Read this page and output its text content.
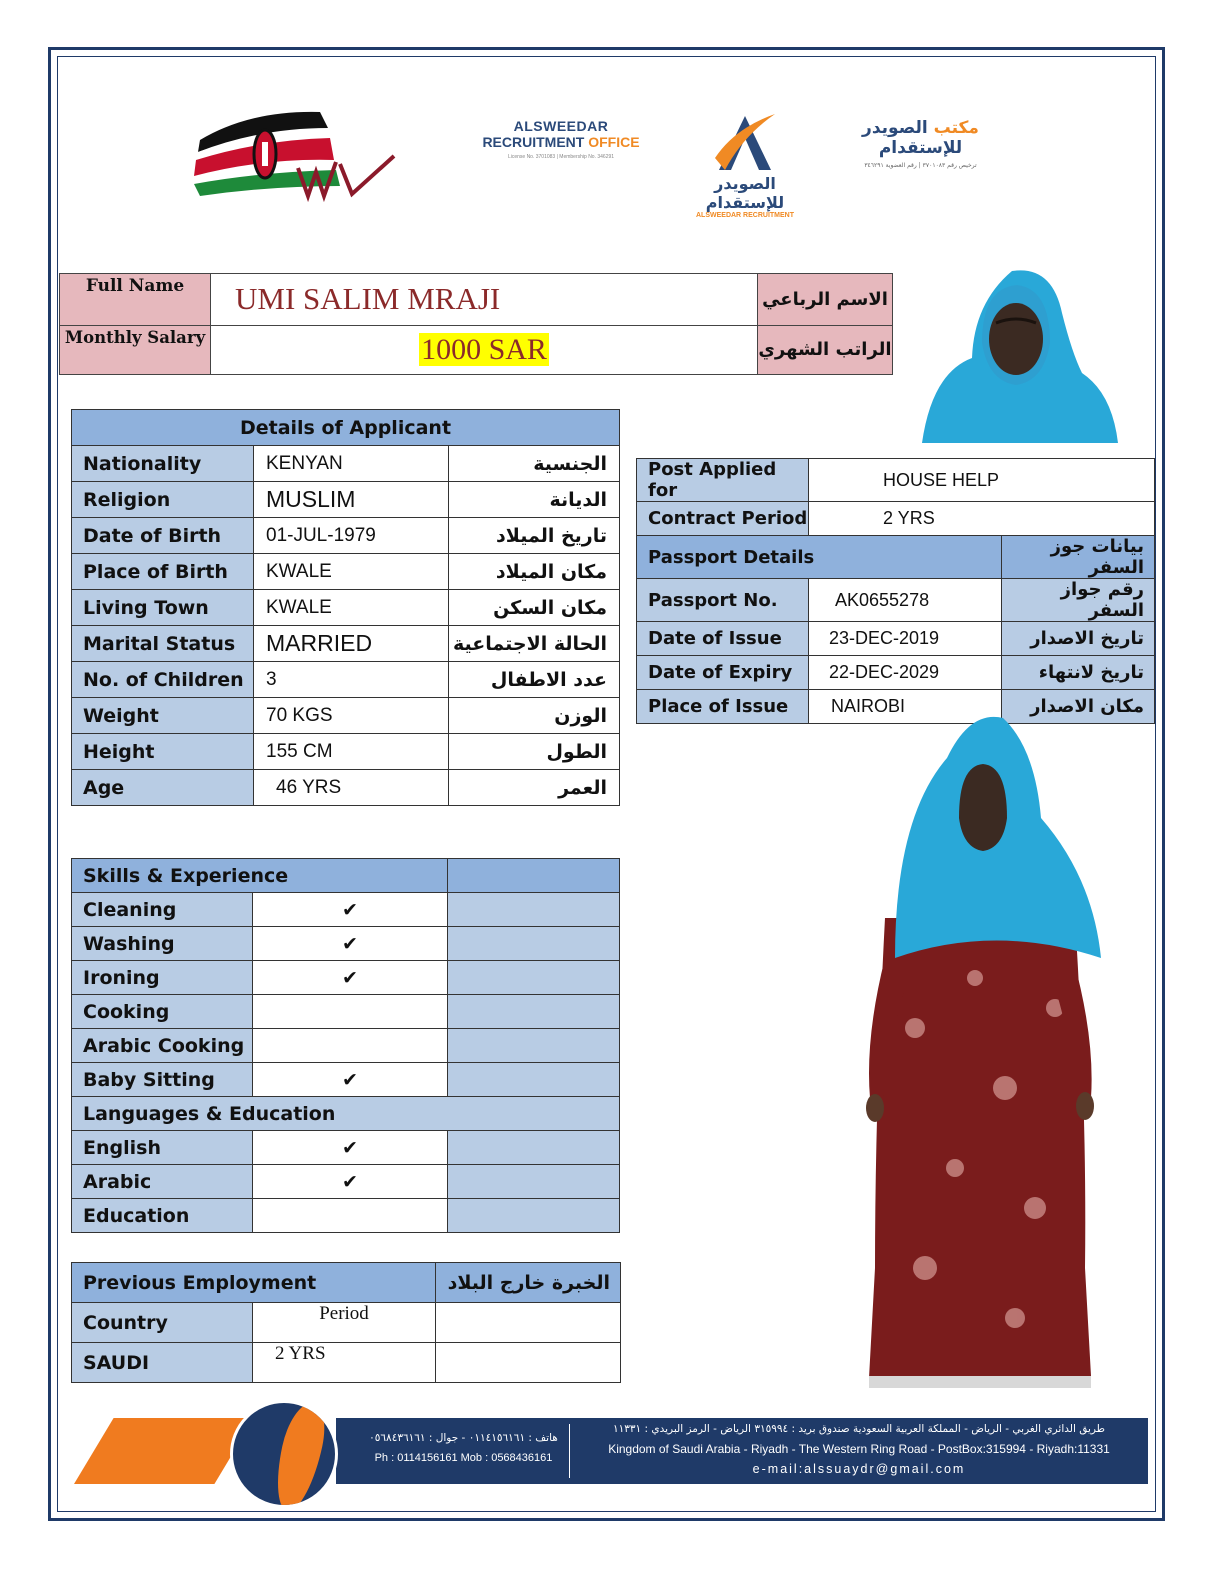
ALSWEEDAR
RECRUITMENT OFFICE
License No. 3701083 | Membership No. 346291
الصويدر للإستقدام
ALSWEEDAR RECRUITMENT
مكتب الصويدر للإستقدام
ترخيص رقم ٣٧٠١٠٨٣ | رقم العضوية ٣٤٦٢٩١
Full Name	UMI SALIM MRAJI	الاسم الرباعي
Monthly Salary	1000 SAR	الراتب الشهري
Details of Applicant		
Nationality	KENYAN	الجنسية
Religion	MUSLIM	الديانة
Date of Birth	01-JUL-1979	تاريخ الميلاد
Place of Birth	KWALE	مكان الميلاد
Living Town	KWALE	مكان السكن
Marital Status	MARRIED	الحالة الاجتماعية
No. of Children	3	عدد الاطفال
Weight	70 KGS	الوزن
Height	155 CM	الطول
Age	46 YRS	العمر
Post Applied for	HOUSE HELP	
Contract Period	2 YRS	
Passport Details		بيانات جوز السفر
Passport No.	AK0655278	رقم جواز السفر
Date of Issue	23-DEC-2019	تاريخ الاصدار
Date of Expiry	22-DEC-2029	تاريخ لانتهاء
Place of Issue	NAIROBI	مكان الاصدار
Skills & Experience		
Cleaning	✔	
Washing	✔	
Ironing	✔	
Cooking		
Arabic Cooking		
Baby Sitting	✔	
Languages & Education		
English	✔	
Arabic	✔	
Education		
Previous Employment		الخبرة خارج البلاد
Country	Period	
SAUDI	2 YRS	
هاتف : ٠١١٤١٥٦١٦١ - جوال : ٠٥٦٨٤٣٦١٦١
Ph : 0114156161 Mob : 0568436161
طريق الدائري الغربي - الرياض - المملكة العربية السعودية صندوق بريد : ٣١٥٩٩٤ الرياض - الرمز البريدي : ١١٣٣١
Kingdom of Saudi Arabia - Riyadh - The Western Ring Road - PostBox:315994 - Riyadh:11331
e-mail:alssuaydr@gmail.com
